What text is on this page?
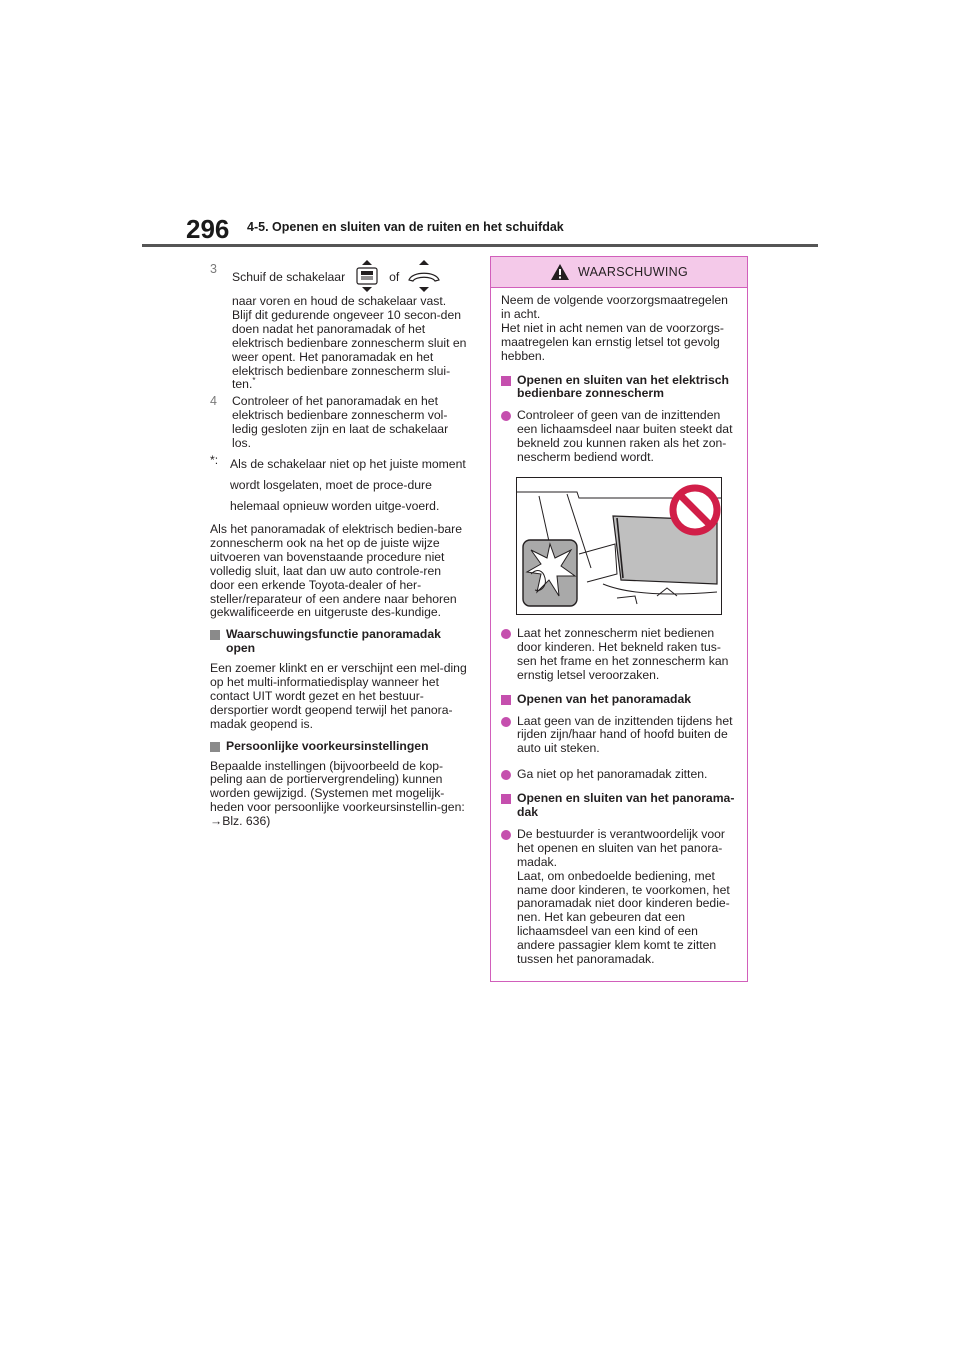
296 4-5. Openen en sluiten van de ruiten en het schuifdak
3
Schuif de schakelaar	of

naar voren en houd de schakelaar vast. Blijf dit gedurende ongeveer 10 secon-den doen nadat het panoramadak of het elektrisch bedienbare zonnescherm sluit en weer opent. Het panoramadak en het elektrisch bedienbare zonnescherm slui-ten.*

4	Controleer of het panoramadak en het elektrisch bedienbare zonnescherm vol-ledig gesloten zijn en laat de schakelaar los.

*: Als de schakelaar niet op het juiste moment wordt losgelaten, moet de proce-dure helemaal opnieuw worden uitge-voerd.

Als het panoramadak of elektrisch bedien-bare zonnescherm ook na het op de juiste wijze uitvoeren van bovenstaande procedure niet volledig sluit, laat dan uw auto controle-ren door een erkende Toyota-dealer of her-steller/reparateur of een andere naar behoren gekwalificeerde en uitgeruste des-kundige.

Waarschuwingsfunctie panoramadak open

Een zoemer klinkt en er verschijnt een mel-ding op het multi-informatiedisplay wanneer het contact UIT wordt gezet en het bestuur-dersportier wordt geopend terwijl het panora-madak geopend is.

Persoonlijke voorkeursinstellingen

Bepaalde instellingen (bijvoorbeeld de kop-peling aan de portiervergrendeling) kunnen worden gewijzigd. (Systemen met mogelijk-heden voor persoonlijke voorkeursinstellin-gen: →Blz. 636)

WAARSCHUWING

Neem de volgende voorzorgsmaatregelen in acht.
Het niet in acht nemen van de voorzorgs-maatregelen kan ernstig letsel tot gevolg hebben.

Openen en sluiten van het elektrisch bedienbare zonnescherm
Controleer of geen van de inzittenden een lichaamsdeel naar buiten steekt dat bekneld zou kunnen raken als het zon-nescherm bediend wordt.
Laat het zonnescherm niet bedienen door kinderen. Het bekneld raken tus-sen het frame en het zonnescherm kan ernstig letsel veroorzaken.
Openen van het panoramadak
Laat geen van de inzittenden tijdens het rijden zijn/haar hand of hoofd buiten de auto uit steken.
Ga niet op het panoramadak zitten.
Openen en sluiten van het panorama-dak
De bestuurder is verantwoordelijk voor het openen en sluiten van het panora-madak.
Laat, om onbedoelde bediening, met name door kinderen, te voorkomen, het panoramadak niet door kinderen bedie-nen. Het kan gebeuren dat een lichaamsdeel van een kind of een andere passagier klem komt te zitten tussen het panoramadak.
